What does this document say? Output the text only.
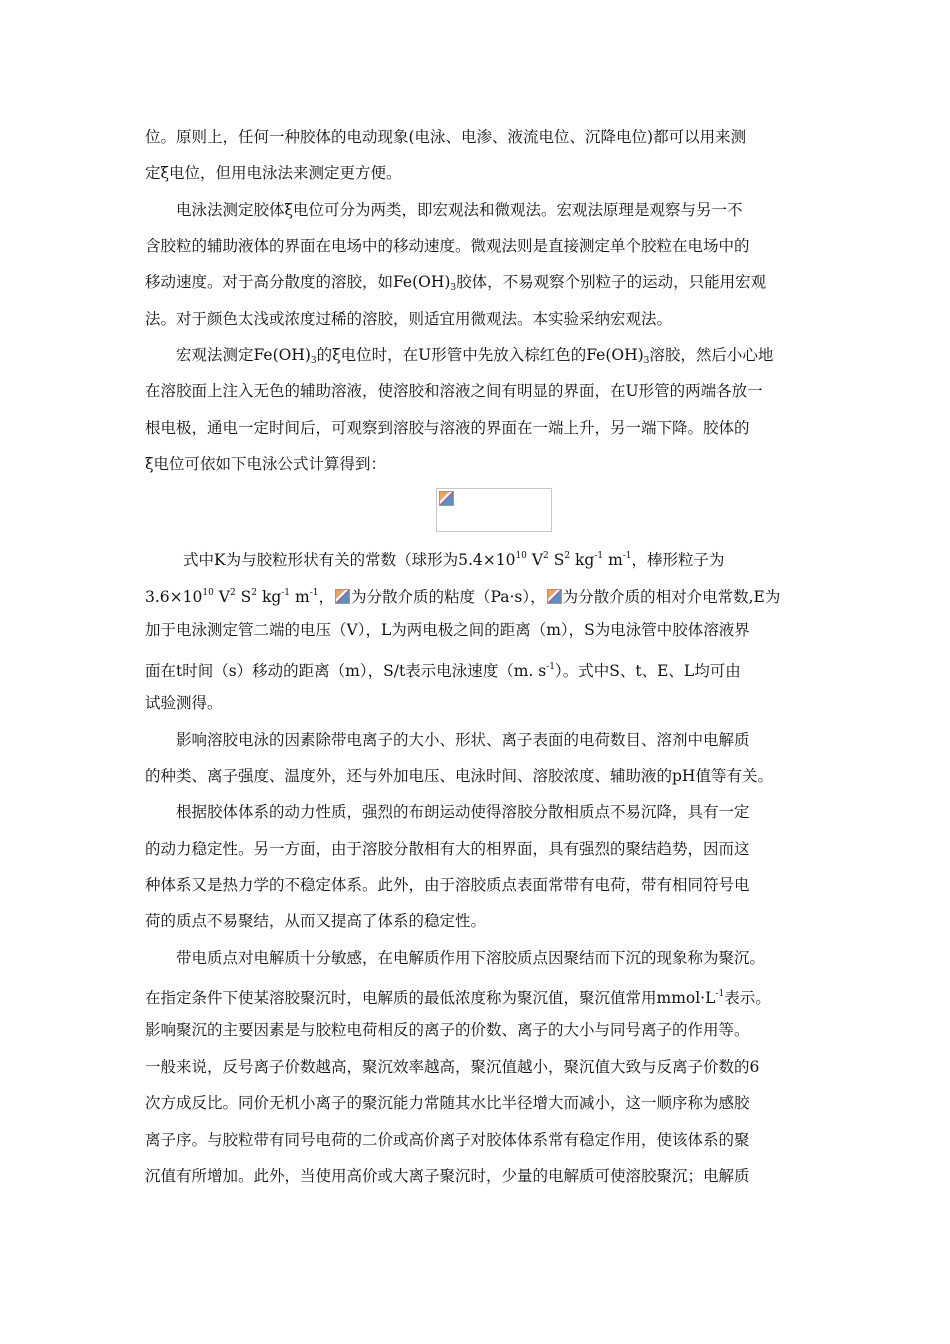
位。原则上，任何一种胶体的电动现象(电泳、电渗、液流电位、沉降电位)都可以用来测
定ξ电位，但用电泳法来测定更方便。
电泳法测定胶体ξ电位可分为两类，即宏观法和微观法。宏观法原理是观察与另一不
含胶粒的辅助液体的界面在电场中的移动速度。微观法则是直接测定单个胶粒在电场中的
移动速度。对于高分散度的溶胶，如$Fe(OH)_3$胶体，不易观察个别粒子的运动，只能用宏观
法。对于颜色太浅或浓度过稀的溶胶，则适宜用微观法。本实验采纳宏观法。
宏观法测定$Fe(OH)_3$的ξ电位时，在U形管中先放入棕红色的$Fe(OH)_3$溶胶，然后小心地
在溶胶面上注入无色的辅助溶液，使溶胶和溶液之间有明显的界面，在U形管的两端各放一
根电极，通电一定时间后，可观察到溶胶与溶液的界面在一端上升，另一端下降。胶体的
ξ电位可依如下电泳公式计算得到：
式中K为与胶粒形状有关的常数（球形为$5.4\times 10^{10}$ $V^2$ $S^2$ $kg^{-1}$ $m^{-1}$，棒形粒子为
$3.6\times 10^{10}$ $V^2$ $S^2$ $kg^{-1}$ $m^{-1}$， 为分散介质的粘度（Pa·s）， 为分散介质的相对介电常数,E为
加于电泳测定管二端的电压（V），L为两电极之间的距离（m），S为电泳管中胶体溶液界
面在t时间（s）移动的距离（m），S/t表示电泳速度（m. $s^{-1}$）。式中S、t、E、L均可由
试验测得。
影响溶胶电泳的因素除带电离子的大小、形状、离子表面的电荷数目、溶剂中电解质
的种类、离子强度、温度外，还与外加电压、电泳时间、溶胶浓度、辅助液的pH值等有关。
根据胶体体系的动力性质，强烈的布朗运动使得溶胶分散相质点不易沉降，具有一定
的动力稳定性。另一方面，由于溶胶分散相有大的相界面，具有强烈的聚结趋势，因而这
种体系又是热力学的不稳定体系。此外，由于溶胶质点表面常带有电荷，带有相同符号电
荷的质点不易聚结，从而又提高了体系的稳定性。
带电质点对电解质十分敏感，在电解质作用下溶胶质点因聚结而下沉的现象称为聚沉。
在指定条件下使某溶胶聚沉时，电解质的最低浓度称为聚沉值，聚沉值常用$mmol\cdot L^{-1}$表示。
影响聚沉的主要因素是与胶粒电荷相反的离子的价数、离子的大小与同号离子的作用等。
一般来说，反号离子价数越高，聚沉效率越高，聚沉值越小，聚沉值大致与反离子价数的6
次方成反比。同价无机小离子的聚沉能力常随其水比半径增大而减小，这一顺序称为感胶
离子序。与胶粒带有同号电荷的二价或高价离子对胶体体系常有稳定作用，使该体系的聚
沉值有所增加。此外，当使用高价或大离子聚沉时，少量的电解质可使溶胶聚沉；电解质
